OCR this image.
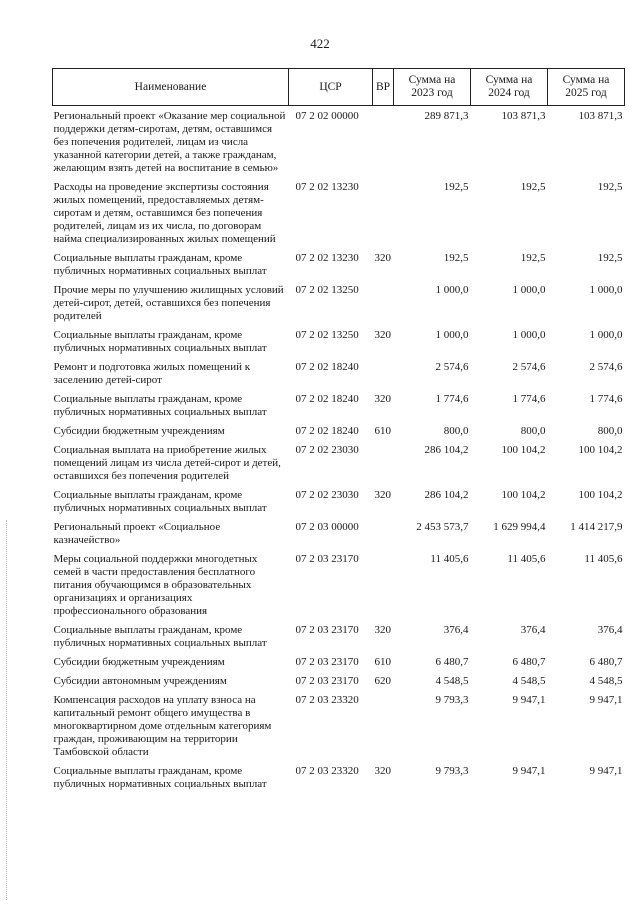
422
Наименование	ЦСР	ВР	Сумма на 2023 год	Сумма на 2024 год	Сумма на 2025 год
Региональный проект «Оказание мер социальной поддержки детям-сиротам, детям, оставшимся без попечения родителей, лицам из числа указанной категории детей, а также гражданам, желающим взять детей на воспитание в семью»	07 2 02 00000		289 871,3	103 871,3	103 871,3
Расходы на проведение экспертизы состояния жилых помещений, предоставляемых детям-сиротам и детям, оставшимся без попечения родителей, лицам из их числа, по договорам найма специализированных жилых помещений	07 2 02 13230		192,5	192,5	192,5
Социальные выплаты гражданам, кроме публичных нормативных социальных выплат	07 2 02 13230	320	192,5	192,5	192,5
Прочие меры по улучшению жилищных условий детей-сирот, детей, оставшихся без попечения родителей	07 2 02 13250		1 000,0	1 000,0	1 000,0
Социальные выплаты гражданам, кроме публичных нормативных социальных выплат	07 2 02 13250	320	1 000,0	1 000,0	1 000,0
Ремонт и подготовка жилых помещений к заселению детей-сирот	07 2 02 18240		2 574,6	2 574,6	2 574,6
Социальные выплаты гражданам, кроме публичных нормативных социальных выплат	07 2 02 18240	320	1 774,6	1 774,6	1 774,6
Субсидии бюджетным учреждениям	07 2 02 18240	610	800,0	800,0	800,0
Социальная выплата на приобретение жилых помещений лицам из числа детей-сирот и детей, оставшихся без попечения родителей	07 2 02 23030		286 104,2	100 104,2	100 104,2
Социальные выплаты гражданам, кроме публичных нормативных социальных выплат	07 2 02 23030	320	286 104,2	100 104,2	100 104,2
Региональный проект «Социальное казначейство»	07 2 03 00000		2 453 573,7	1 629 994,4	1 414 217,9
Меры социальной поддержки многодетных семей в части предоставления бесплатного питания обучающимся в образовательных организациях и организациях профессионального образования	07 2 03 23170		11 405,6	11 405,6	11 405,6
Социальные выплаты гражданам, кроме публичных нормативных социальных выплат	07 2 03 23170	320	376,4	376,4	376,4
Субсидии бюджетным учреждениям	07 2 03 23170	610	6 480,7	6 480,7	6 480,7
Субсидии автономным учреждениям	07 2 03 23170	620	4 548,5	4 548,5	4 548,5
Компенсация расходов на уплату взноса на капитальный ремонт общего имущества в многоквартирном доме отдельным категориям граждан, проживающим на территории Тамбовской области	07 2 03 23320		9 793,3	9 947,1	9 947,1
Социальные выплаты гражданам, кроме публичных нормативных социальных выплат	07 2 03 23320	320	9 793,3	9 947,1	9 947,1
